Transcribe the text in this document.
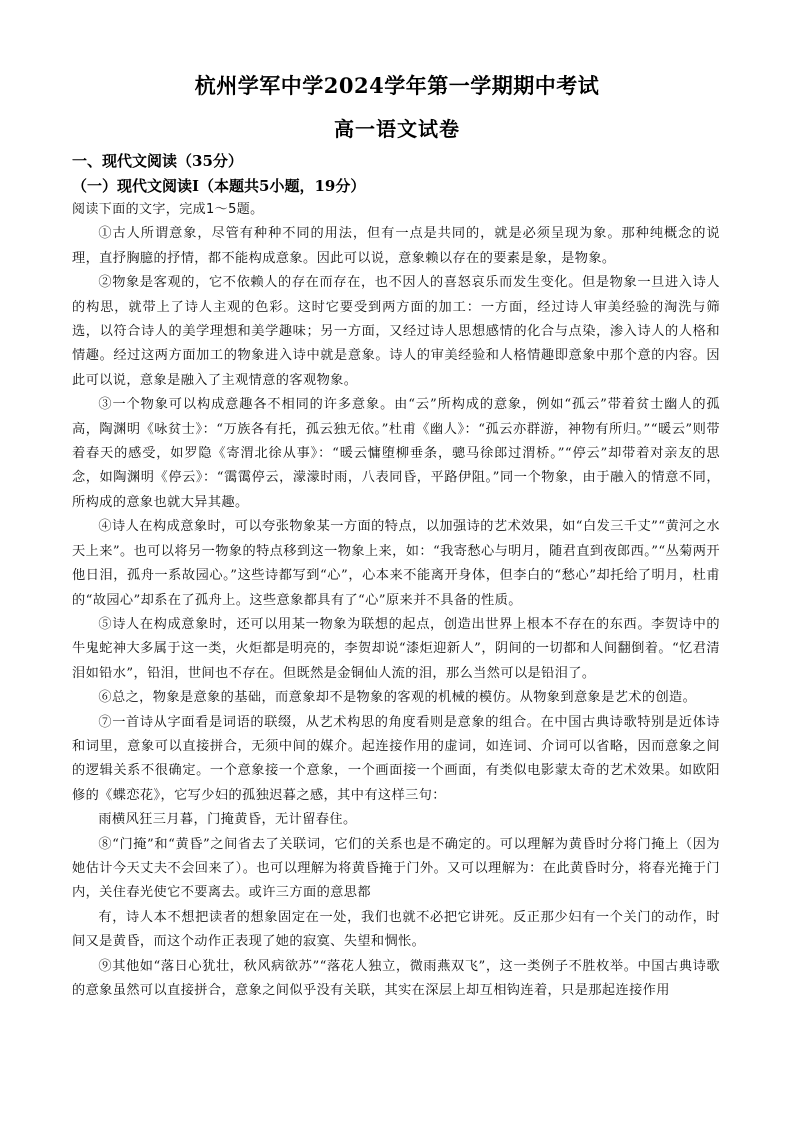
杭州学军中学2024学年第一学期期中考试
高一语文试卷
一、现代文阅读（35分）
（一）现代文阅读Ⅰ（本题共5小题，19分）

阅读下面的文字，完成1～5题。

①古人所谓意象，尽管有种种不同的用法，但有一点是共同的，就是必须呈现为象。那种纯概念的说理，直抒胸臆的抒情，都不能构成意象。因此可以说，意象赖以存在的要素是象，是物象。

②物象是客观的，它不依赖人的存在而存在，也不因人的喜怒哀乐而发生变化。但是物象一旦进入诗人的构思，就带上了诗人主观的色彩。这时它要受到两方面的加工：一方面，经过诗人审美经验的淘洗与筛选，以符合诗人的美学理想和美学趣味；另一方面，又经过诗人思想感情的化合与点染，渗入诗人的人格和情趣。经过这两方面加工的物象进入诗中就是意象。诗人的审美经验和人格情趣即意象中那个意的内容。因此可以说，意象是融入了主观情意的客观物象。

③一个物象可以构成意趣各不相同的许多意象。由“云”所构成的意象，例如“孤云”带着贫士幽人的孤高，陶渊明《咏贫士》：“万族各有托，孤云独无依。”杜甫《幽人》：“孤云亦群游，神物有所归。”“暖云”则带着春天的感受，如罗隐《寄渭北徐从事》：“暖云慵堕柳垂条，骢马徐郎过渭桥。”“停云”却带着对亲友的思念，如陶渊明《停云》：“霭霭停云，濛濛时雨，八表同昏，平路伊阻。”同一个物象，由于融入的情意不同，所构成的意象也就大异其趣。

④诗人在构成意象时，可以夸张物象某一方面的特点，以加强诗的艺术效果，如“白发三千丈”“黄河之水天上来”。也可以将另一物象的特点移到这一物象上来，如：“我寄愁心与明月，随君直到夜郎西。”“丛菊两开他日泪，孤舟一系故园心。”这些诗都写到“心”，心本来不能离开身体，但李白的“愁心”却托给了明月，杜甫的“故园心”却系在了孤舟上。这些意象都具有了“心”原来并不具备的性质。

⑤诗人在构成意象时，还可以用某一物象为联想的起点，创造出世界上根本不存在的东西。李贺诗中的牛鬼蛇神大多属于这一类，火炬都是明亮的，李贺却说“漆炬迎新人”，阴间的一切都和人间翻倒着。“忆君清泪如铅水”，铅泪，世间也不存在。但既然是金铜仙人流的泪，那么当然可以是铅泪了。

⑥总之，物象是意象的基础，而意象却不是物象的客观的机械的模仿。从物象到意象是艺术的创造。

⑦一首诗从字面看是词语的联缀，从艺术构思的角度看则是意象的组合。在中国古典诗歌特别是近体诗和词里，意象可以直接拼合，无须中间的媒介。起连接作用的虚词，如连词、介词可以省略，因而意象之间的逻辑关系不很确定。一个意象接一个意象，一个画面接一个画面，有类似电影蒙太奇的艺术效果。如欧阳修的《蝶恋花》，它写少妇的孤独迟暮之感，其中有这样三句：

雨横风狂三月暮，门掩黄昏，无计留春住。

⑧“门掩”和“黄昏”之间省去了关联词，它们的关系也是不确定的。可以理解为黄昏时分将门掩上（因为她估计今天丈夫不会回来了）。也可以理解为将黄昏掩于门外。又可以理解为：在此黄昏时分，将春光掩于门内，关住春光使它不要离去。或许三方面的意思都

有，诗人本不想把读者的想象固定在一处，我们也就不必把它讲死。反正那少妇有一个关门的动作，时间又是黄昏，而这个动作正表现了她的寂寞、失望和惆怅。

⑨其他如“落日心犹壮，秋风病欲苏”“落花人独立，微雨燕双飞”，这一类例子不胜枚举。中国古典诗歌的意象虽然可以直接拼合，意象之间似乎没有关联，其实在深层上却互相钩连着，只是那起连接作用
